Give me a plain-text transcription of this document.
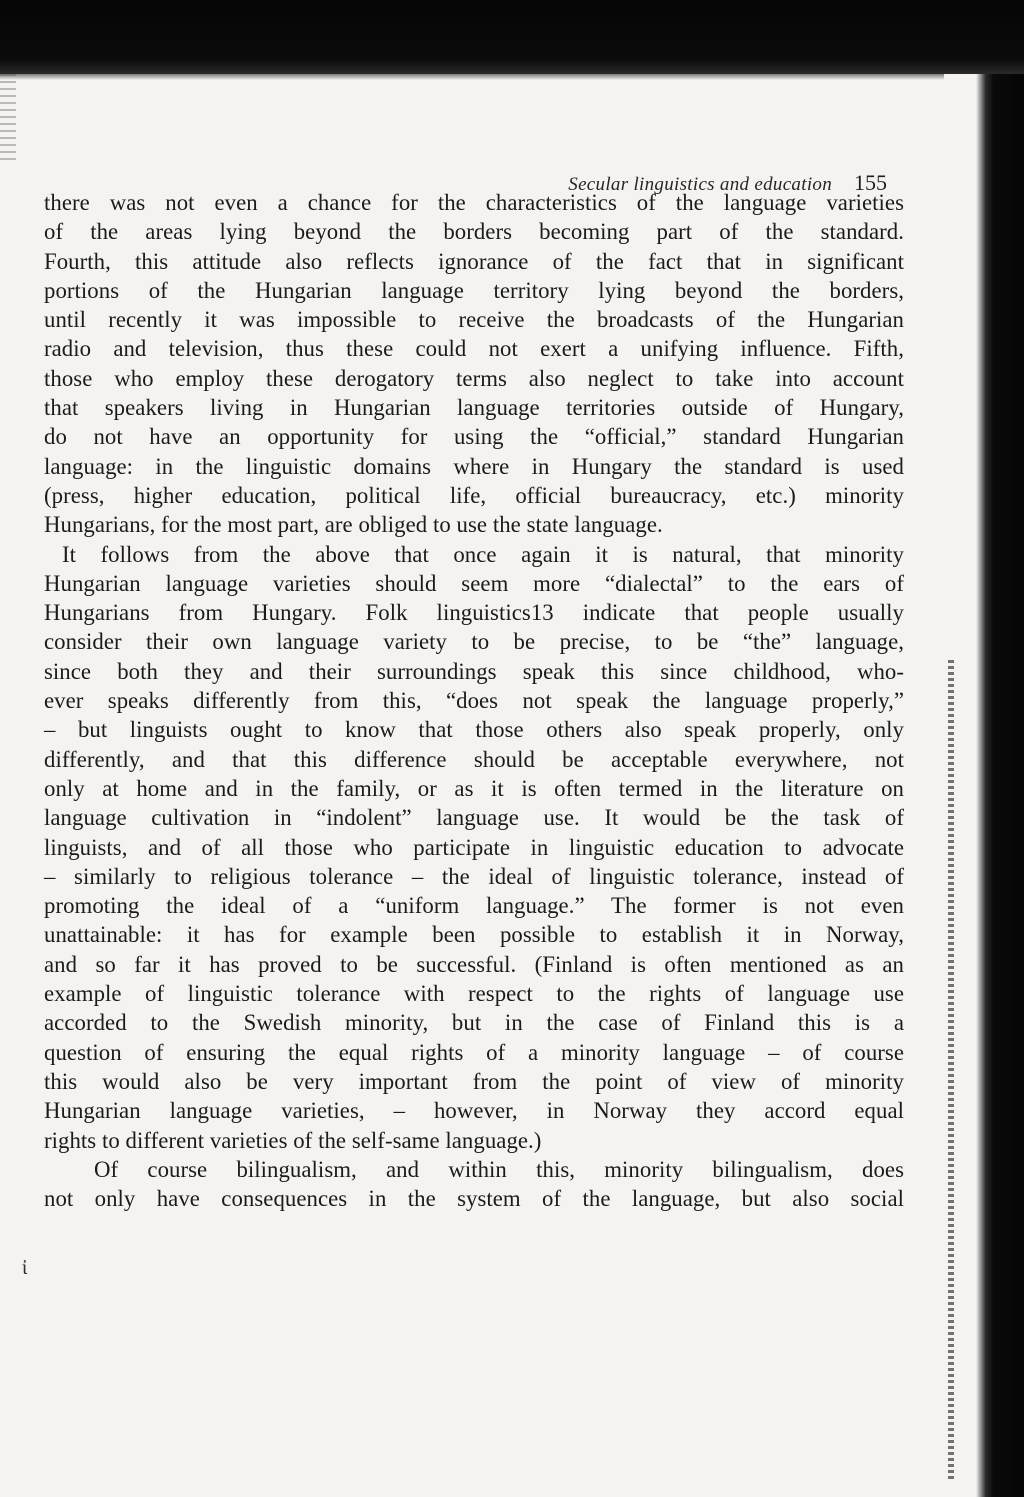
Secular linguistics and education 155
there was not even a chance for the characteristics of the language varieties
of the areas lying beyond the borders becoming part of the standard.
Fourth, this attitude also reflects ignorance of the fact that in significant
portions of the Hungarian language territory lying beyond the borders,
until recently it was impossible to receive the broadcasts of the Hungarian
radio and television, thus these could not exert a unifying influence. Fifth,
those who employ these derogatory terms also neglect to take into account
that speakers living in Hungarian language territories outside of Hungary,
do not have an opportunity for using the “official,” standard Hungarian
language: in the linguistic domains where in Hungary the standard is used
(press, higher education, political life, official bureaucracy, etc.) minority
Hungarians, for the most part, are obliged to use the state language.
It follows from the above that once again it is natural, that minority
Hungarian language varieties should seem more “dialectal” to the ears of
Hungarians from Hungary. Folk linguistics13 indicate that people usually
consider their own language variety to be precise, to be “the” language,
since both they and their surroundings speak this since childhood, who-
ever speaks differently from this, “does not speak the language properly,”
– but linguists ought to know that those others also speak properly, only
differently, and that this difference should be acceptable everywhere, not
only at home and in the family, or as it is often termed in the literature on
language cultivation in “indolent” language use. It would be the task of
linguists, and of all those who participate in linguistic education to advocate
– similarly to religious tolerance – the ideal of linguistic tolerance, instead of
promoting the ideal of a “uniform language.” The former is not even
unattainable: it has for example been possible to establish it in Norway,
and so far it has proved to be successful. (Finland is often mentioned as an
example of linguistic tolerance with respect to the rights of language use
accorded to the Swedish minority, but in the case of Finland this is a
question of ensuring the equal rights of a minority language – of course
this would also be very important from the point of view of minority
Hungarian language varieties, – however, in Norway they accord equal
rights to different varieties of the self-same language.)
Of course bilingualism, and within this, minority bilingualism, does
not only have consequences in the system of the language, but also social
ἰ
